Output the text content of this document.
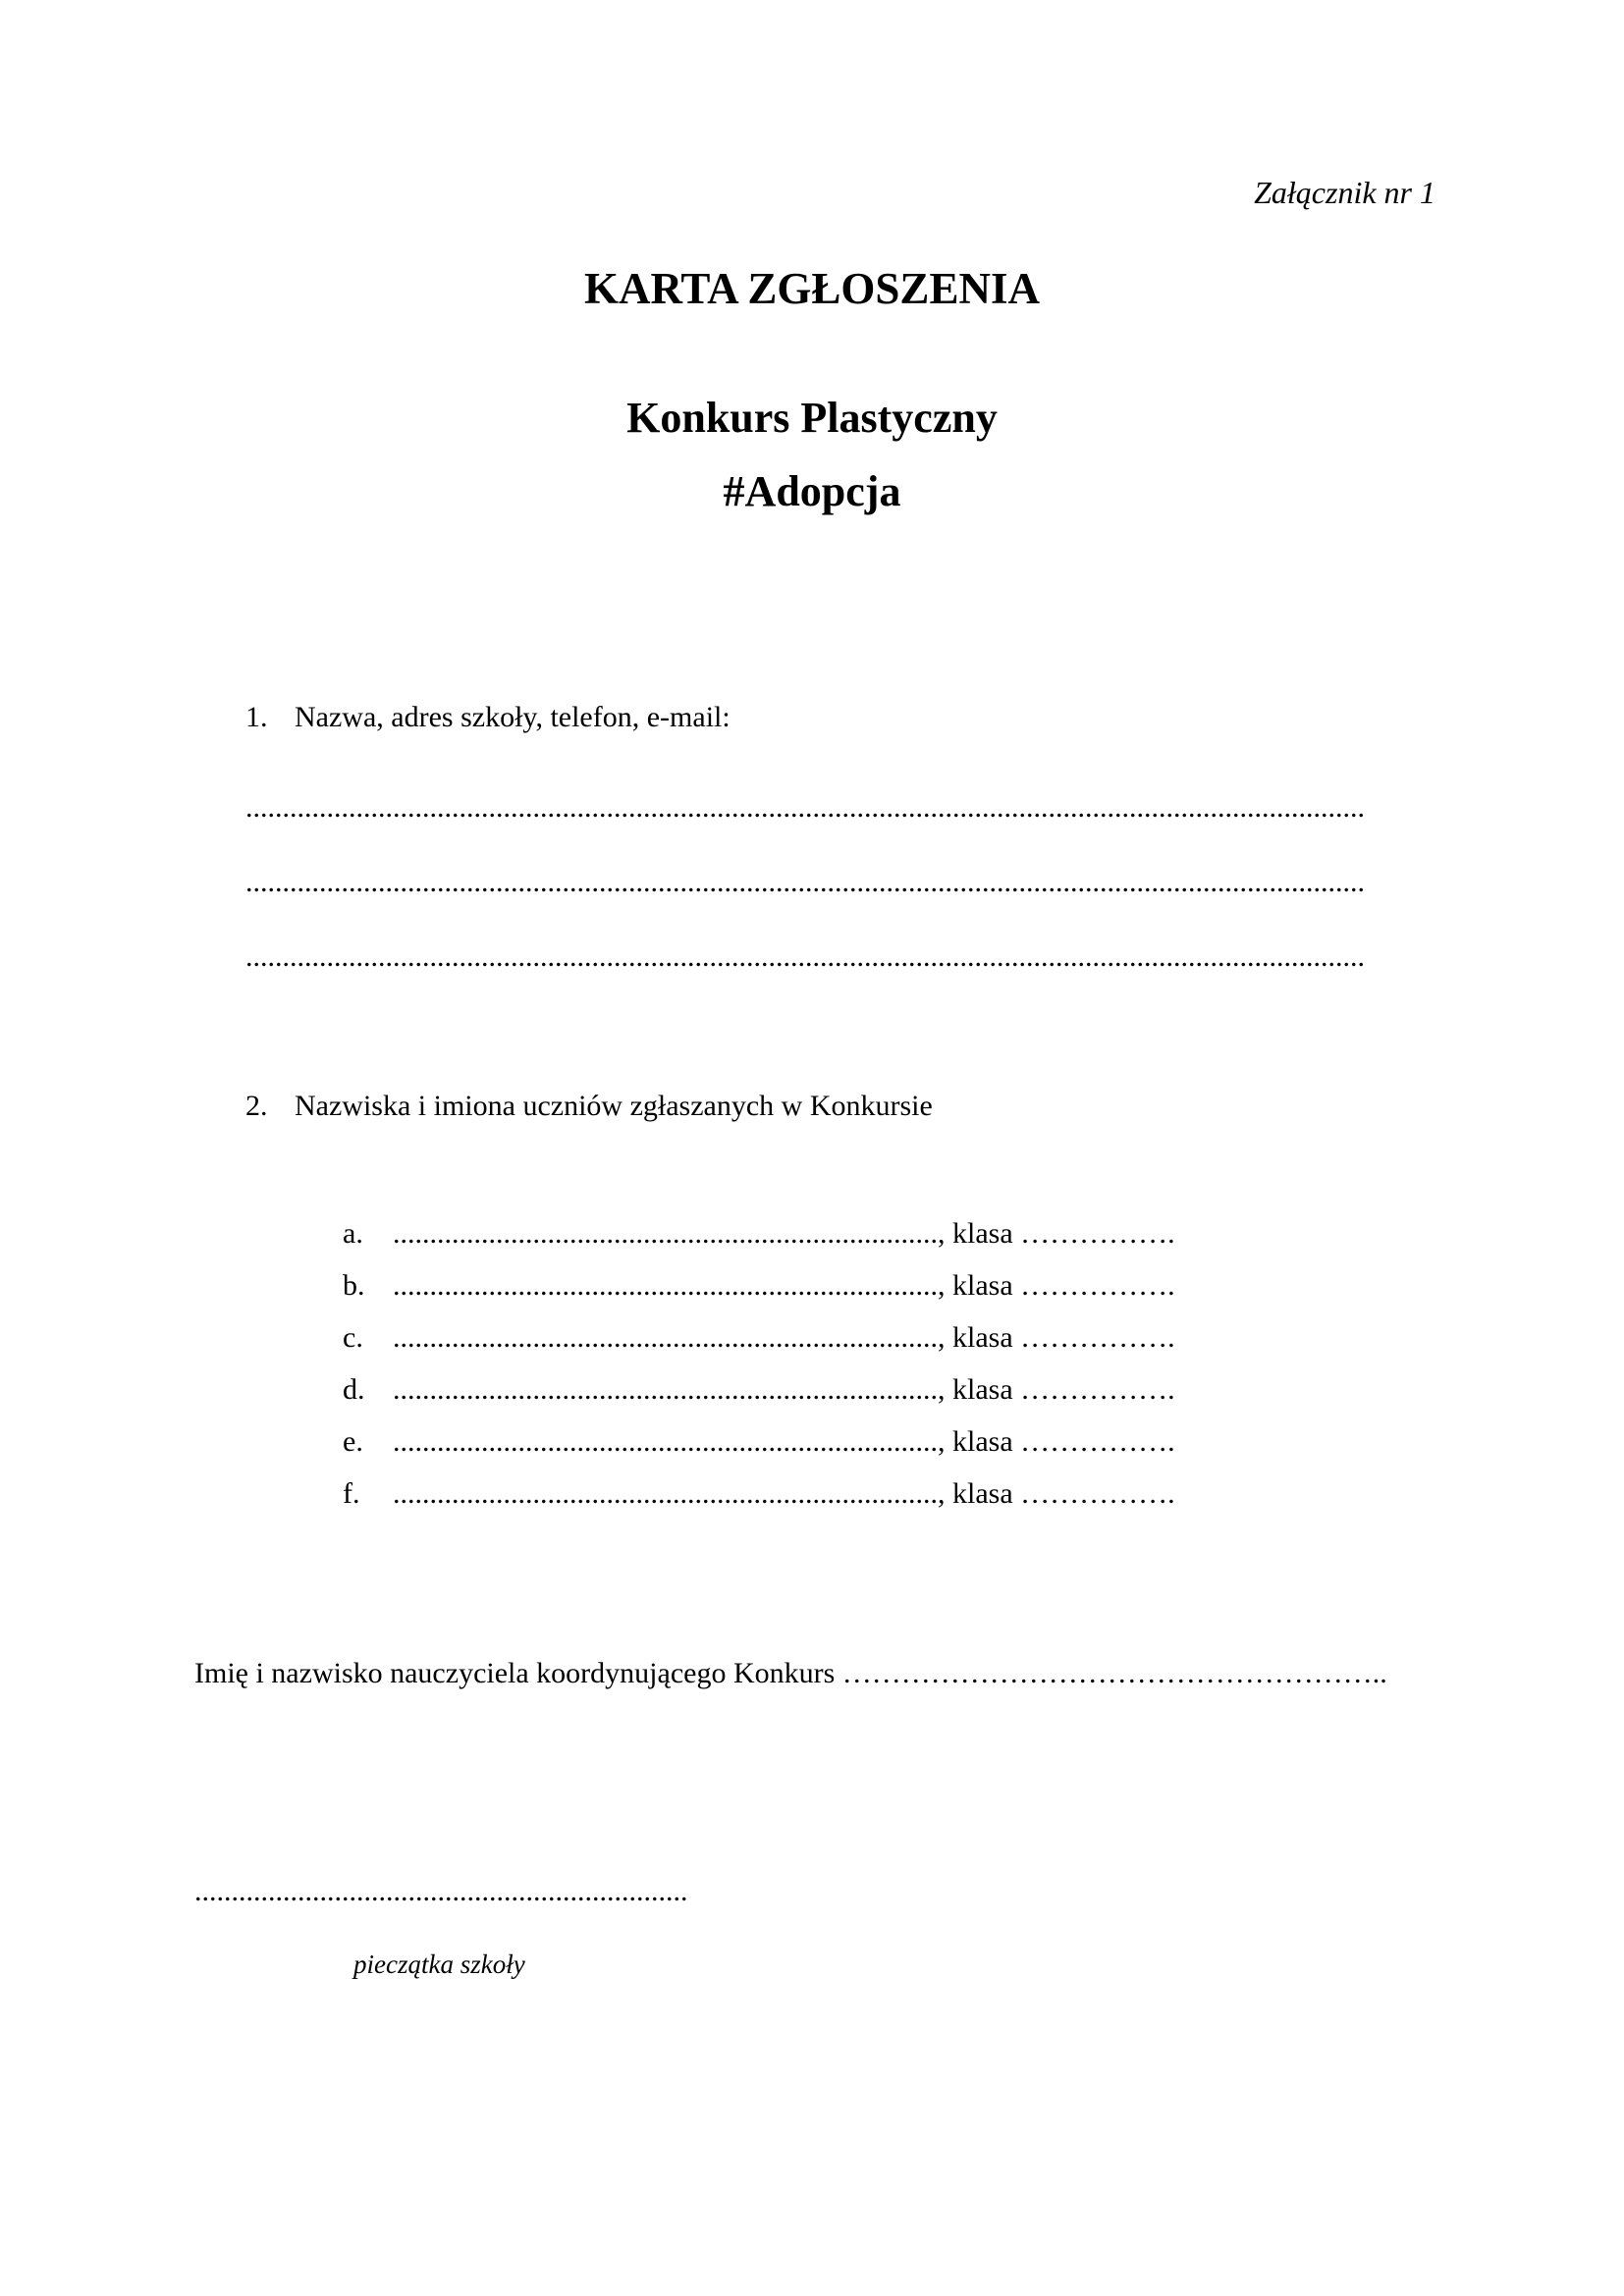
Załącznik nr 1
KARTA ZGŁOSZENIA
Konkurs Plastyczny
#Adopcja
1. Nazwa, adres szkoły, telefon, e-mail:
........................................................................................................................................................
........................................................................................................................................................
........................................................................................................................................................
2. Nazwiska i imiona uczniów zgłaszanych w Konkursie
a. .........................................................................., klasa …………….
b. .........................................................................., klasa …………….
c. .........................................................................., klasa …………….
d. .........................................................................., klasa …………….
e. .........................................................................., klasa …………….
f. .........................................................................., klasa …………….
Imię i nazwisko nauczyciela koordynującego Konkurs ………………………………………………..
...................................................................
pieczątka szkoły
